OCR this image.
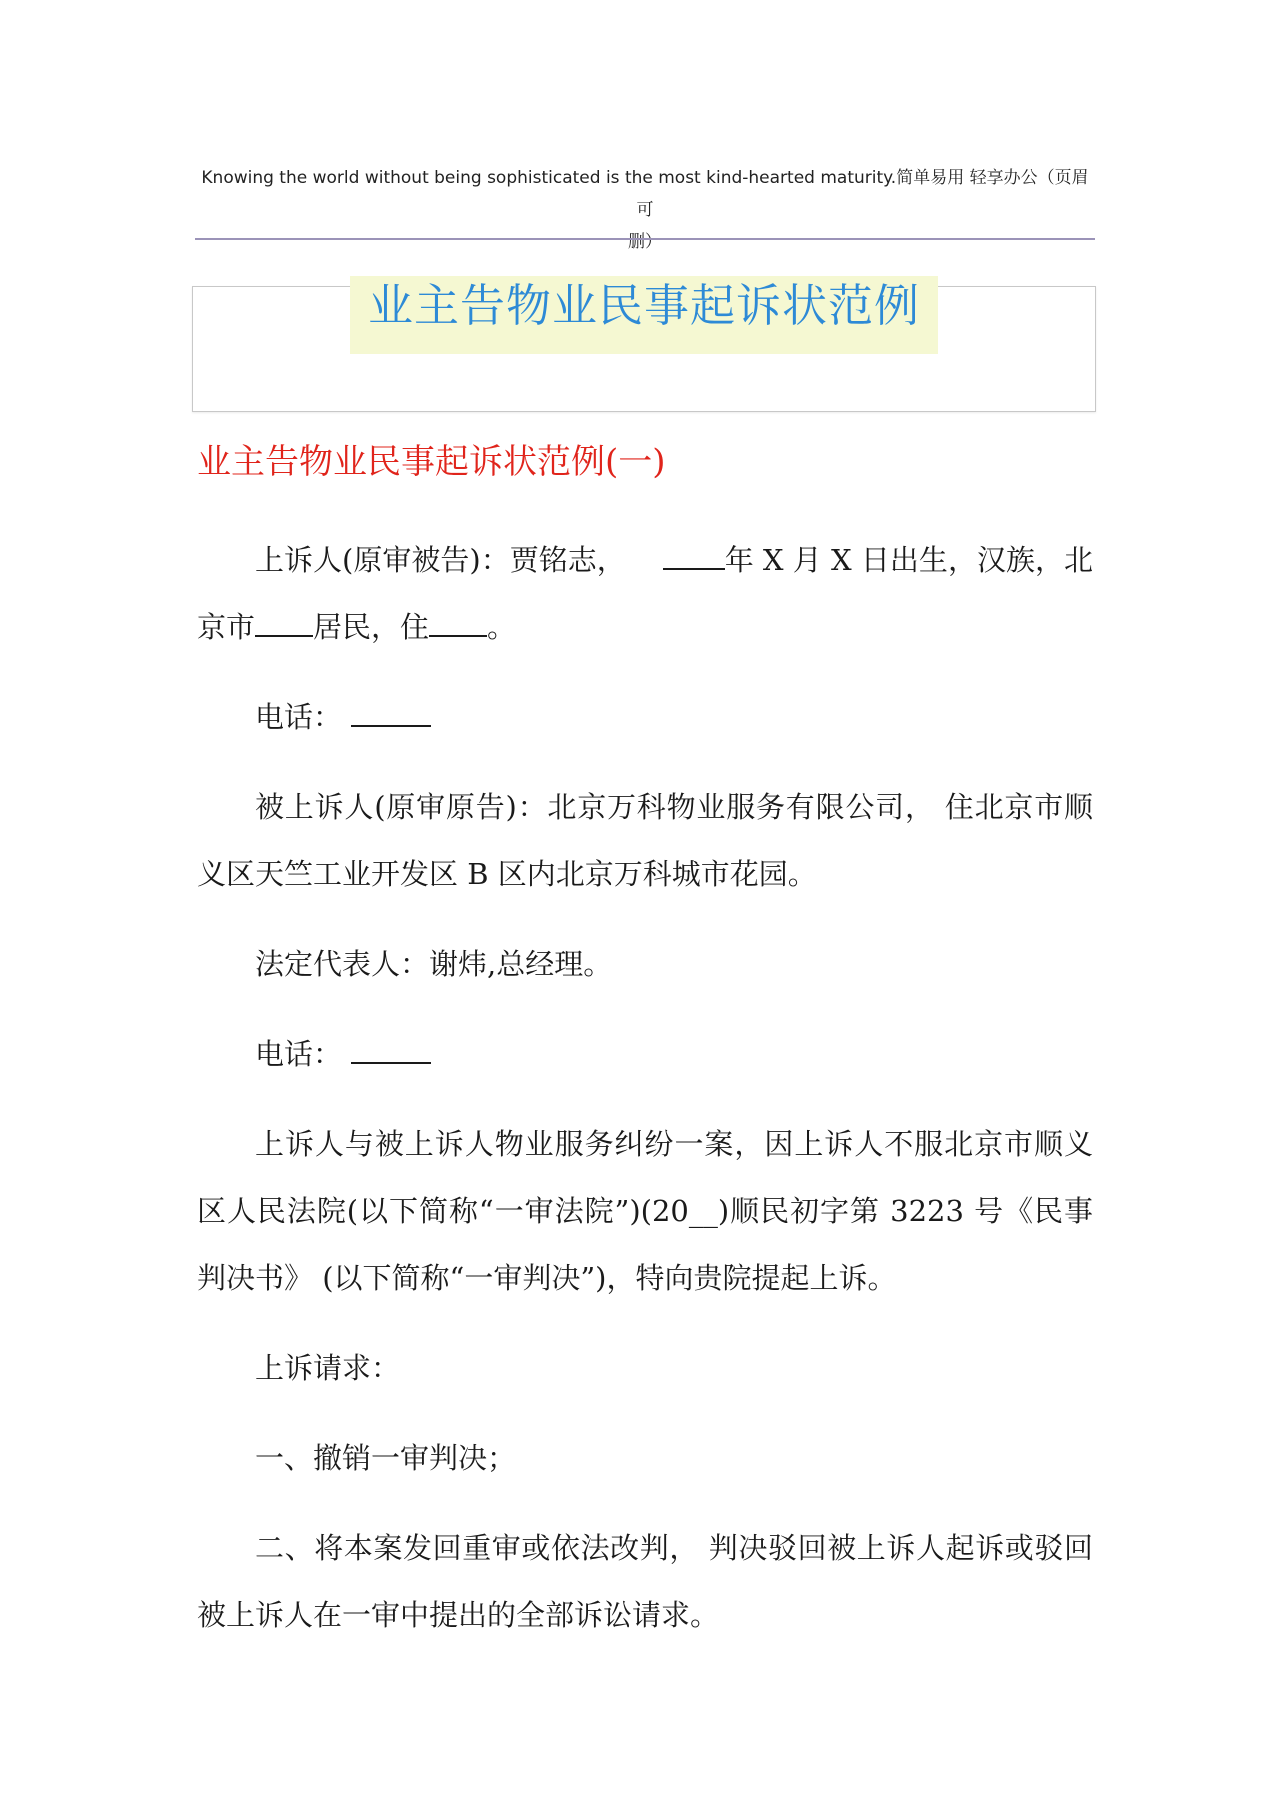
Knowing the world without being sophisticated is the most kind-hearted maturity.简单易用 轻享办公（页眉可
删）
业主告物业民事起诉状范例
业主告物业民事起诉状范例(一)

上诉人(原审被告)：贾铭志，	年 X 月 X 日出生，汉族，北京市 居民，住 。

电话：

被上诉人(原审原告)：北京万科物业服务有限公司， 住北京市顺义区天竺工业开发区 B 区内北京万科城市花园。

法定代表人：谢炜,总经理。

电话：

上诉人与被上诉人物业服务纠纷一案，因上诉人不服北京市顺义区人民法院(以下简称“一审法院”)(20__)顺民初字第 3223 号《民事判决书》 (以下简称“一审判决”)，特向贵院提起上诉。

上诉请求：

一、撤销一审判决；

二、将本案发回重审或依法改判， 判决驳回被上诉人起诉或驳回被上诉人在一审中提出的全部诉讼请求。
